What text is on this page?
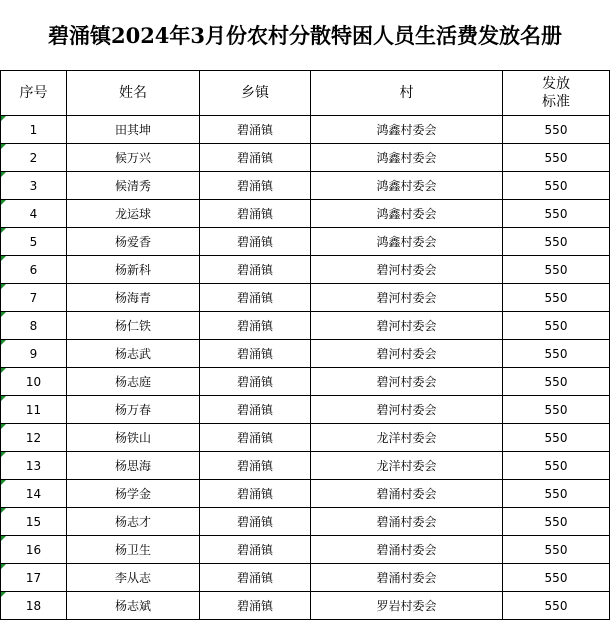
碧涌镇2024年3月份农村分散特困人员生活费发放名册
序号	姓名	乡镇	村	发放标准
1	田其坤	碧涌镇	鸿鑫村委会	550
2	候万兴	碧涌镇	鸿鑫村委会	550
3	候清秀	碧涌镇	鸿鑫村委会	550
4	龙运球	碧涌镇	鸿鑫村委会	550
5	杨爱香	碧涌镇	鸿鑫村委会	550
6	杨新科	碧涌镇	碧河村委会	550
7	杨海青	碧涌镇	碧河村委会	550
8	杨仁铁	碧涌镇	碧河村委会	550
9	杨志武	碧涌镇	碧河村委会	550
10	杨志庭	碧涌镇	碧河村委会	550
11	杨万春	碧涌镇	碧河村委会	550
12	杨铁山	碧涌镇	龙洋村委会	550
13	杨思海	碧涌镇	龙洋村委会	550
14	杨学金	碧涌镇	碧涌村委会	550
15	杨志才	碧涌镇	碧涌村委会	550
16	杨卫生	碧涌镇	碧涌村委会	550
17	李从志	碧涌镇	碧涌村委会	550
18	杨志斌	碧涌镇	罗岩村委会	550
